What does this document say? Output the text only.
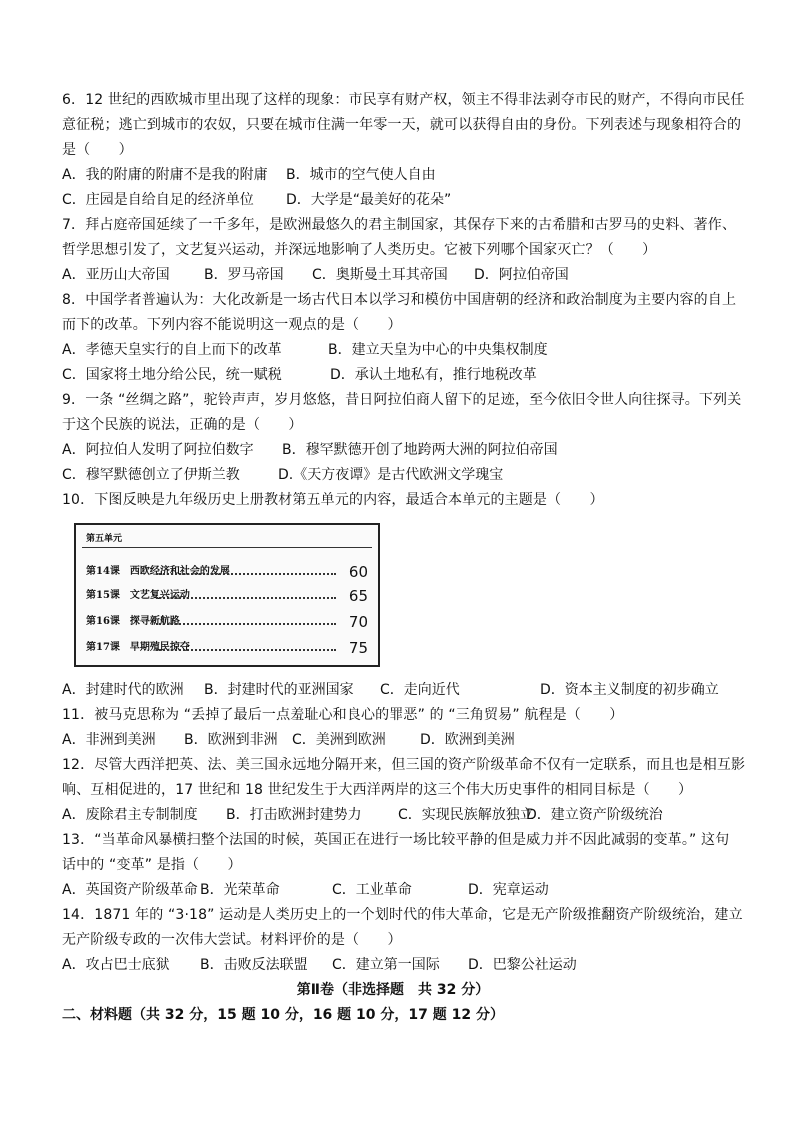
6．12 世纪的西欧城市里出现了这样的现象：市民享有财产权，领主不得非法剥夺市民的财产，不得向市民任
意征税；逃亡到城市的农奴，只要在城市住满一年零一天，就可以获得自由的身份。下列表述与现象相符合的
是（　　）
A．我的附庸的附庸不是我的附庸	B．城市的空气使人自由
C．庄园是自给自足的经济单位	D．大学是“最美好的花朵”
7．拜占庭帝国延续了一千多年，是欧洲最悠久的君主制国家，其保存下来的古希腊和古罗马的史料、著作、
哲学思想引发了，文艺复兴运动，并深远地影响了人类历史。它被下列哪个国家灭亡？（　　）
A．亚历山大帝国	B．罗马帝国	C．奥斯曼土耳其帝国	D．阿拉伯帝国
8．中国学者普遍认为：大化改新是一场古代日本以学习和模仿中国唐朝的经济和政治制度为主要内容的自上
而下的改革。下列内容不能说明这一观点的是（　　）
A．孝德天皇实行的自上而下的改革	B．建立天皇为中心的中央集权制度
C．国家将土地分给公民，统一赋税	D．承认土地私有，推行地税改革
9．一条 “丝绸之路”，驼铃声声，岁月悠悠，昔日阿拉伯商人留下的足迹，至今依旧令世人向往探寻。下列关
于这个民族的说法，正确的是（　　）
A．阿拉伯人发明了阿拉伯数字	B．穆罕默德开创了地跨两大洲的阿拉伯帝国
C．穆罕默德创立了伊斯兰教	D.《天方夜谭》是古代欧洲文学瑰宝
10．下图反映是九年级历史上册教材第五单元的内容，最适合本单元的主题是（　　）
第五单元
第14课　西欧经济和社会的发展	60
第15课　文艺复兴运动	65
第16课　探寻新航路	70
第17课　早期殖民掠夺	75
A．封建时代的欧洲	B．封建时代的亚洲国家	C．走向近代	D．资本主义制度的初步确立
11．被马克思称为 “丢掉了最后一点羞耻心和良心的罪恶” 的 “三角贸易” 航程是（　　）
A．非洲到美洲	B．欧洲到非洲	C．美洲到欧洲	D．欧洲到美洲
12．尽管大西洋把英、法、美三国永远地分隔开来，但三国的资产阶级革命不仅有一定联系，而且也是相互影
响、互相促进的，17 世纪和 18 世纪发生于大西洋两岸的这三个伟大历史事件的相同目标是（　　）
A．废除君主专制制度	B．打击欧洲封建势力	C．实现民族解放独立
D．建立资产阶级统治
13．“当革命风暴横扫整个法国的时候，英国正在进行一场比较平静的但是威力并不因此减弱的变革。” 这句
话中的 “变革” 是指（　　）
A．英国资产阶级革命 B．光荣革命	C．工业革命	D．宪章运动
14．1871 年的 “3·18” 运动是人类历史上的一个划时代的伟大革命，它是无产阶级推翻资产阶级统治，建立
无产阶级专政的一次伟大尝试。材料评价的是（　　）
A．攻占巴士底狱	B．击败反法联盟	C．建立第一国际	D．巴黎公社运动
第Ⅱ卷（非选择题　共 32 分）
二、材料题（共 32 分，15 题 10 分，16 题 10 分，17 题 12 分）
